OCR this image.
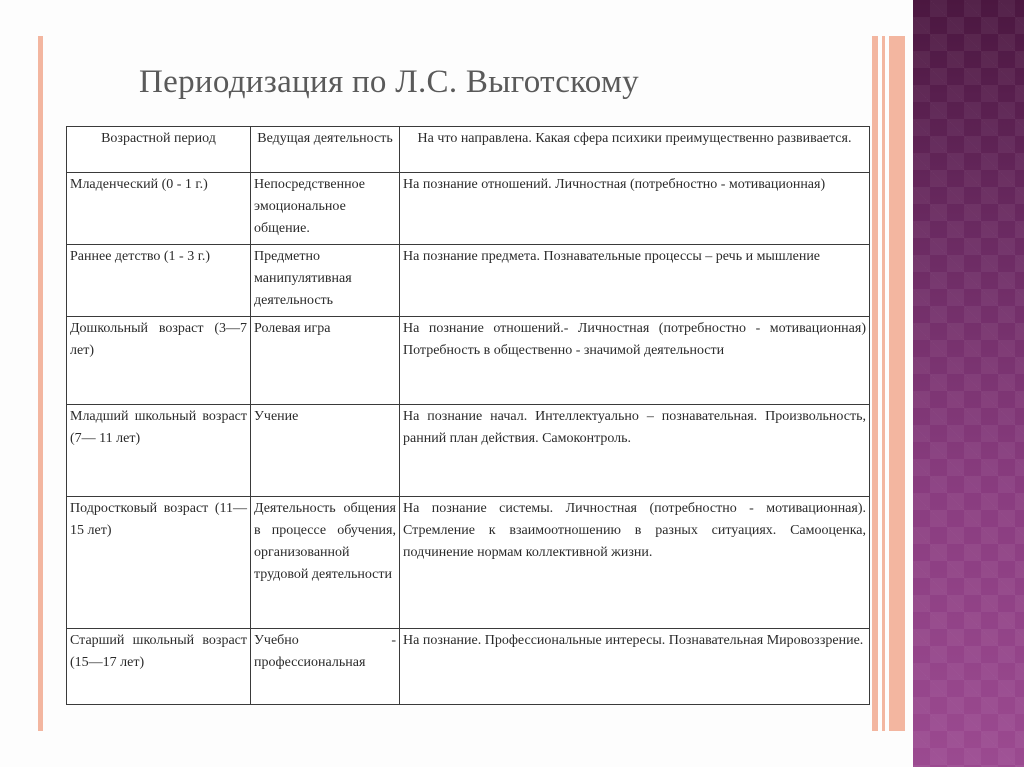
Периодизация по Л.С. Выготскому
Возрастной период	Ведущая деятельность	На что направлена. Какая сфера психики преимущественно развивается.
Младенческий (0 - 1 г.)	Непосредственное эмоциональное общение.	На познание отношений. Личностная (потребностно - мотивационная)
Раннее детство (1 - 3 г.)	Предметно манипулятивная деятельность	На познание предмета. Познавательные процессы – речь и мышление
Дошкольный возраст (3—7 лет)	Ролевая игра	На познание отношений.- Личностная (потребностно - мотивационная) Потребность в общественно - значимой деятельности
Младший школьный возраст (7— 11 лет)	Учение	На познание начал. Интеллектуально – познавательная. Произвольность, ранний план действия. Самоконтроль.
Подростковый возраст (11—15 лет)	Деятельность общения в процессе обучения, организованной трудовой деятельности	На познание системы. Личностная (потребностно - мотивационная). Стремление к взаимоотношению в разных ситуациях. Самооценка, подчинение нормам коллективной жизни.
Старший школьный возраст (15—17 лет)	Учебно - профессиональная	На познание. Профессиональные интересы. Познавательная Мировоззрение.
